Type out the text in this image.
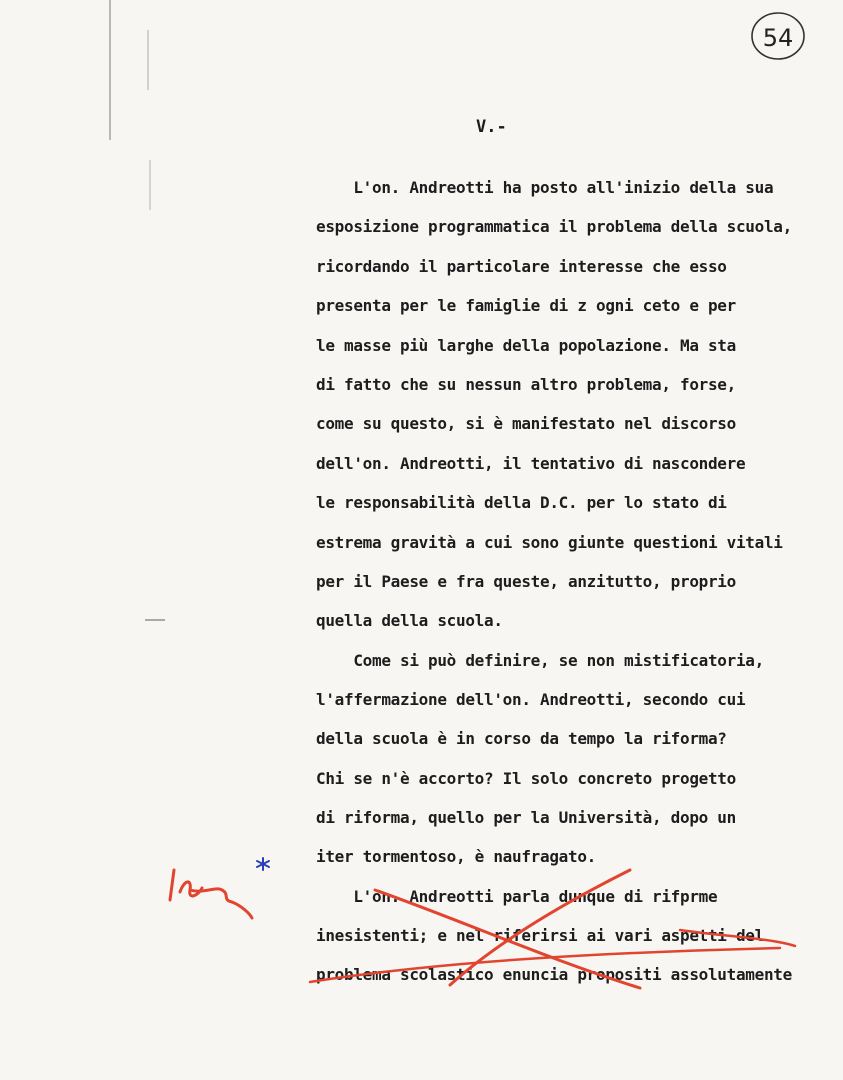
54
V.-
L'on. Andreotti ha posto all'inizio della sua
esposizione programmatica il problema della scuola,
ricordando il particolare interesse che esso
presenta per le famiglie di z ogni ceto e per
le masse più larghe della popolazione. Ma sta
di fatto che su nessun altro problema, forse,
come su questo, si è manifestato nel discorso
dell'on. Andreotti, il tentativo di nascondere
le responsabilità della D.C. per lo stato di
estrema gravità a cui sono giunte questioni vitali
per il Paese e fra queste, anzitutto, proprio
quella della scuola.
Come si può definire, se non mistificatoria,
l'affermazione dell'on. Andreotti, secondo cui
della scuola è in corso da tempo la riforma?
Chi se n'è accorto? Il solo concreto progetto
di riforma, quello per la Università, dopo un
iter tormentoso, è naufragato.
L'on. Andreotti parla dunque di rifprme
inesistenti; e nel riferirsi ai vari aspetti del
problema scolastico enuncia propositi assolutamente
